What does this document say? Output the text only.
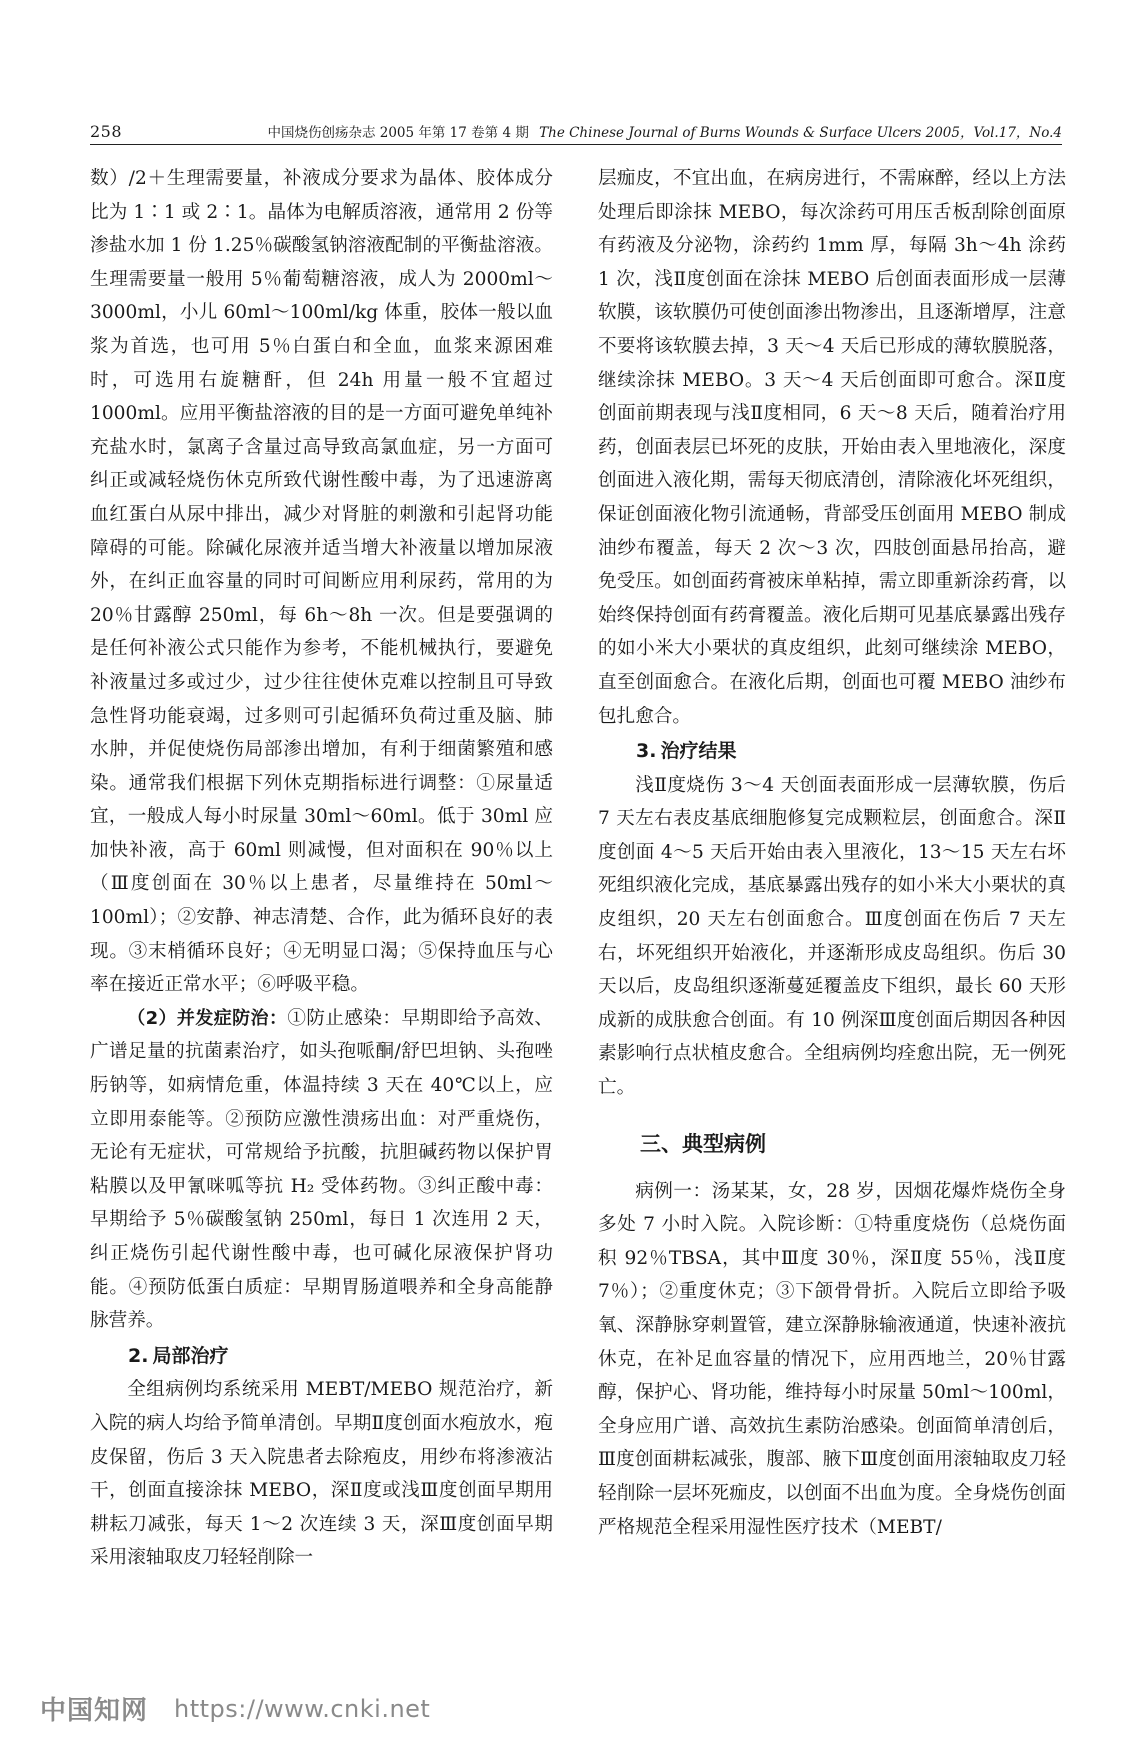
258	中国烧伤创疡杂志 2005 年第 17 卷第 4 期 The Chinese Journal of Burns Wounds & Surface Ulcers 2005，Vol.17，No.4

数）/2＋生理需要量，补液成分要求为晶体、胶体成分比为 1∶1 或 2∶1。晶体为电解质溶液，通常用 2 份等渗盐水加 1 份 1.25％碳酸氢钠溶液配制的平衡盐溶液。生理需要量一般用 5％葡萄糖溶液，成人为 2000ml～3000ml，小儿 60ml～100ml/kg 体重，胶体一般以血浆为首选，也可用 5％白蛋白和全血，血浆来源困难时，可选用右旋糖酐，但 24h 用量一般不宜超过 1000ml。应用平衡盐溶液的目的是一方面可避免单纯补充盐水时，氯离子含量过高导致高氯血症，另一方面可纠正或减轻烧伤休克所致代谢性酸中毒，为了迅速游离血红蛋白从尿中排出，减少对肾脏的刺激和引起肾功能障碍的可能。除碱化尿液并适当增大补液量以增加尿液外，在纠正血容量的同时可间断应用利尿药，常用的为 20％甘露醇 250ml，每 6h～8h 一次。但是要强调的是任何补液公式只能作为参考，不能机械执行，要避免补液量过多或过少，过少往往使休克难以控制且可导致急性肾功能衰竭，过多则可引起循环负荷过重及脑、肺水肿，并促使烧伤局部渗出增加，有利于细菌繁殖和感染。通常我们根据下列休克期指标进行调整：①尿量适宜，一般成人每小时尿量 30ml～60ml。低于 30ml 应加快补液，高于 60ml 则减慢，但对面积在 90％以上（Ⅲ度创面在 30％以上患者，尽量维持在 50ml～100ml）；②安静、神志清楚、合作，此为循环良好的表现。③末梢循环良好；④无明显口渴；⑤保持血压与心率在接近正常水平；⑥呼吸平稳。

（2）并发症防治：①防止感染：早期即给予高效、广谱足量的抗菌素治疗，如头孢哌酮/舒巴坦钠、头孢唑肟钠等，如病情危重，体温持续 3 天在 40℃以上，应立即用泰能等。②预防应激性溃疡出血：对严重烧伤，无论有无症状，可常规给予抗酸，抗胆碱药物以保护胃粘膜以及甲氰咪呱等抗 H₂ 受体药物。③纠正酸中毒：早期给予 5％碳酸氢钠 250ml，每日 1 次连用 2 天，纠正烧伤引起代谢性酸中毒，也可碱化尿液保护肾功能。④预防低蛋白质症：早期胃肠道喂养和全身高能静脉营养。

2. 局部治疗

全组病例均系统采用 MEBT/MEBO 规范治疗，新入院的病人均给予简单清创。早期Ⅱ度创面水疱放水，疱皮保留，伤后 3 天入院患者去除疱皮，用纱布将渗液沾干，创面直接涂抹 MEBO，深Ⅱ度或浅Ⅲ度创面早期用耕耘刀减张，每天 1～2 次连续 3 天，深Ⅲ度创面早期采用滚轴取皮刀轻轻削除一

层痂皮，不宜出血，在病房进行，不需麻醉，经以上方法处理后即涂抹 MEBO，每次涂药可用压舌板刮除创面原有药液及分泌物，涂药约 1mm 厚，每隔 3h～4h 涂药 1 次，浅Ⅱ度创面在涂抹 MEBO 后创面表面形成一层薄软膜，该软膜仍可使创面渗出物渗出，且逐渐增厚，注意不要将该软膜去掉，3 天～4 天后已形成的薄软膜脱落，继续涂抹 MEBO。3 天～4 天后创面即可愈合。深Ⅱ度创面前期表现与浅Ⅱ度相同，6 天～8 天后，随着治疗用药，创面表层已坏死的皮肤，开始由表入里地液化，深度创面进入液化期，需每天彻底清创，清除液化坏死组织，保证创面液化物引流通畅，背部受压创面用 MEBO 制成油纱布覆盖，每天 2 次～3 次，四肢创面悬吊抬高，避免受压。如创面药膏被床单粘掉，需立即重新涂药膏，以始终保持创面有药膏覆盖。液化后期可见基底暴露出残存的如小米大小栗状的真皮组织，此刻可继续涂 MEBO，直至创面愈合。在液化后期，创面也可覆 MEBO 油纱布包扎愈合。

3. 治疗结果

浅Ⅱ度烧伤 3～4 天创面表面形成一层薄软膜，伤后 7 天左右表皮基底细胞修复完成颗粒层，创面愈合。深Ⅱ度创面 4～5 天后开始由表入里液化，13～15 天左右坏死组织液化完成，基底暴露出残存的如小米大小栗状的真皮组织，20 天左右创面愈合。Ⅲ度创面在伤后 7 天左右，坏死组织开始液化，并逐渐形成皮岛组织。伤后 30 天以后，皮岛组织逐渐蔓延覆盖皮下组织，最长 60 天形成新的成肤愈合创面。有 10 例深Ⅲ度创面后期因各种因素影响行点状植皮愈合。全组病例均痊愈出院，无一例死亡。

三、典型病例

病例一：汤某某，女，28 岁，因烟花爆炸烧伤全身多处 7 小时入院。入院诊断：①特重度烧伤（总烧伤面积 92％TBSA，其中Ⅲ度 30％，深Ⅱ度 55％，浅Ⅱ度 7％）；②重度休克；③下颌骨骨折。入院后立即给予吸氧、深静脉穿刺置管，建立深静脉输液通道，快速补液抗休克，在补足血容量的情况下，应用西地兰，20％甘露醇，保护心、肾功能，维持每小时尿量 50ml～100ml，全身应用广谱、高效抗生素防治感染。创面简单清创后，Ⅲ度创面耕耘减张，腹部、腋下Ⅲ度创面用滚轴取皮刀轻轻削除一层坏死痂皮，以创面不出血为度。全身烧伤创面严格规范全程采用湿性医疗技术（MEBT/

中国知网 https://www.cnki.net
